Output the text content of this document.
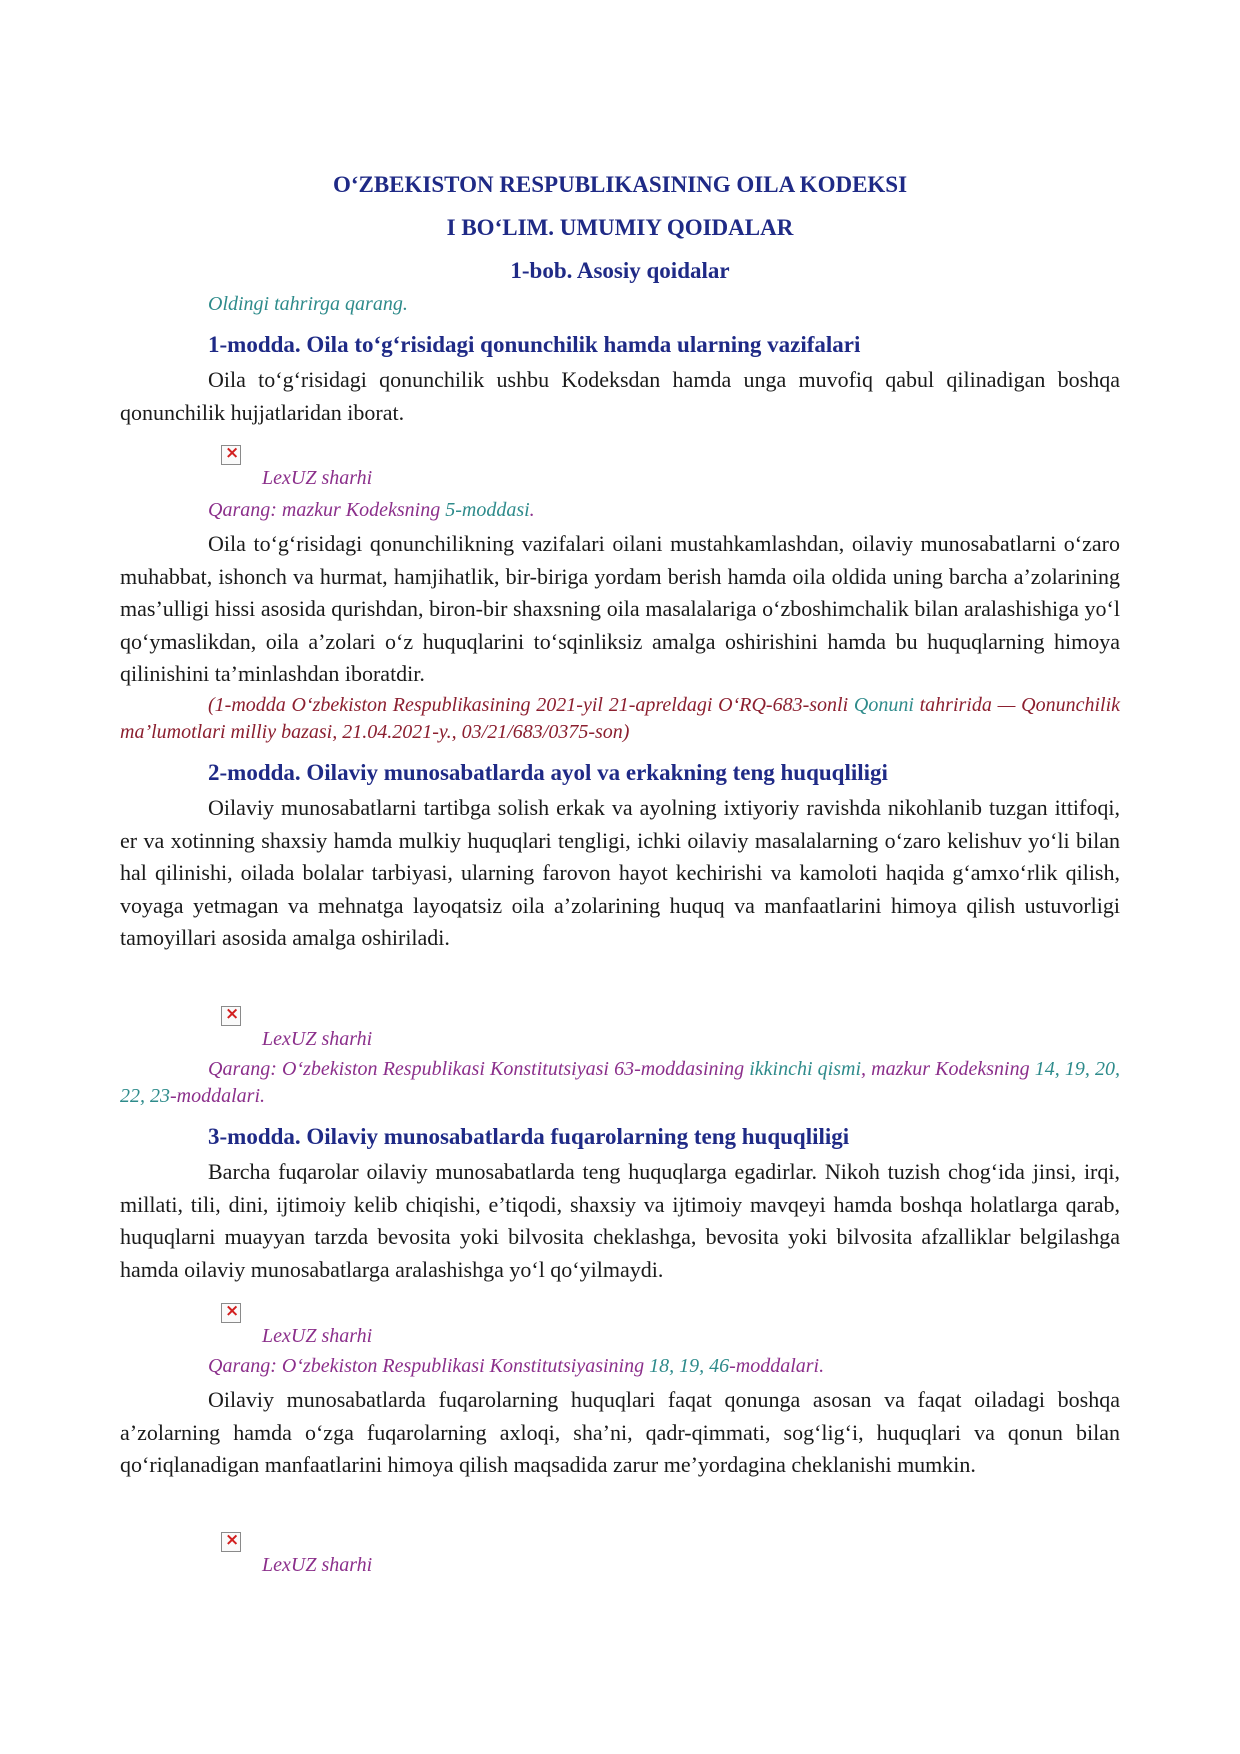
O‘ZBEKISTON RESPUBLIKASINING OILA KODEKSI
I BO‘LIM. UMUMIY QOIDALAR
1-bob. Asosiy qoidalar
Oldingi tahrirga qarang.
1-modda. Oila to‘g‘risidagi qonunchilik hamda ularning vazifalari

Oila to‘g‘risidagi qonunchilik ushbu Kodeksdan hamda unga muvofiq qabul qilinadigan boshqa qonunchilik hujjatlaridan iborat.

×
LexUZ sharhi
Qarang: mazkur Kodeksning 5-moddasi.

Oila to‘g‘risidagi qonunchilikning vazifalari oilani mustahkamlashdan, oilaviy munosabatlarni o‘zaro muhabbat, ishonch va hurmat, hamjihatlik, bir-biriga yordam berish hamda oila oldida uning barcha a’zolarining mas’ulligi hissi asosida qurishdan, biron-bir shaxsning oila masalalariga o‘zboshimchalik bilan aralashishiga yo‘l qo‘ymaslikdan, oila a’zolari o‘z huquqlarini to‘sqinliksiz amalga oshirishini hamda bu huquqlarning himoya qilinishini ta’minlashdan iboratdir.

(1-modda O‘zbekiston Respublikasining 2021-yil 21-apreldagi O‘RQ-683-sonli Qonuni tahririda — Qonunchilik ma’lumotlari milliy bazasi, 21.04.2021-y., 03/21/683/0375-son)

2-modda. Oilaviy munosabatlarda ayol va erkakning teng huquqliligi

Oilaviy munosabatlarni tartibga solish erkak va ayolning ixtiyoriy ravishda nikohlanib tuzgan ittifoqi, er va xotinning shaxsiy hamda mulkiy huquqlari tengligi, ichki oilaviy masalalarning o‘zaro kelishuv yo‘li bilan hal qilinishi, oilada bolalar tarbiyasi, ularning farovon hayot kechirishi va kamoloti haqida g‘amxo‘rlik qilish, voyaga yetmagan va mehnatga layoqatsiz oila a’zolarining huquq va manfaatlarini himoya qilish ustuvorligi tamoyillari asosida amalga oshiriladi.

×
LexUZ sharhi

Qarang: O‘zbekiston Respublikasi Konstitutsiyasi 63-moddasining ikkinchi qismi, mazkur Kodeksning 14, 19, 20, 22, 23-moddalari.

3-modda. Oilaviy munosabatlarda fuqarolarning teng huquqliligi

Barcha fuqarolar oilaviy munosabatlarda teng huquqlarga egadirlar. Nikoh tuzish chog‘ida jinsi, irqi, millati, tili, dini, ijtimoiy kelib chiqishi, e’tiqodi, shaxsiy va ijtimoiy mavqeyi hamda boshqa holatlarga qarab, huquqlarni muayyan tarzda bevosita yoki bilvosita cheklashga, bevosita yoki bilvosita afzalliklar belgilashga hamda oilaviy munosabatlarga aralashishga yo‘l qo‘yilmaydi.

×
LexUZ sharhi
Qarang: O‘zbekiston Respublikasi Konstitutsiyasining 18, 19, 46-moddalari.

Oilaviy munosabatlarda fuqarolarning huquqlari faqat qonunga asosan va faqat oiladagi boshqa a’zolarning hamda o‘zga fuqarolarning axloqi, sha’ni, qadr-qimmati, sog‘lig‘i, huquqlari va qonun bilan qo‘riqlanadigan manfaatlarini himoya qilish maqsadida zarur me’yordagina cheklanishi mumkin.

×
LexUZ sharhi
